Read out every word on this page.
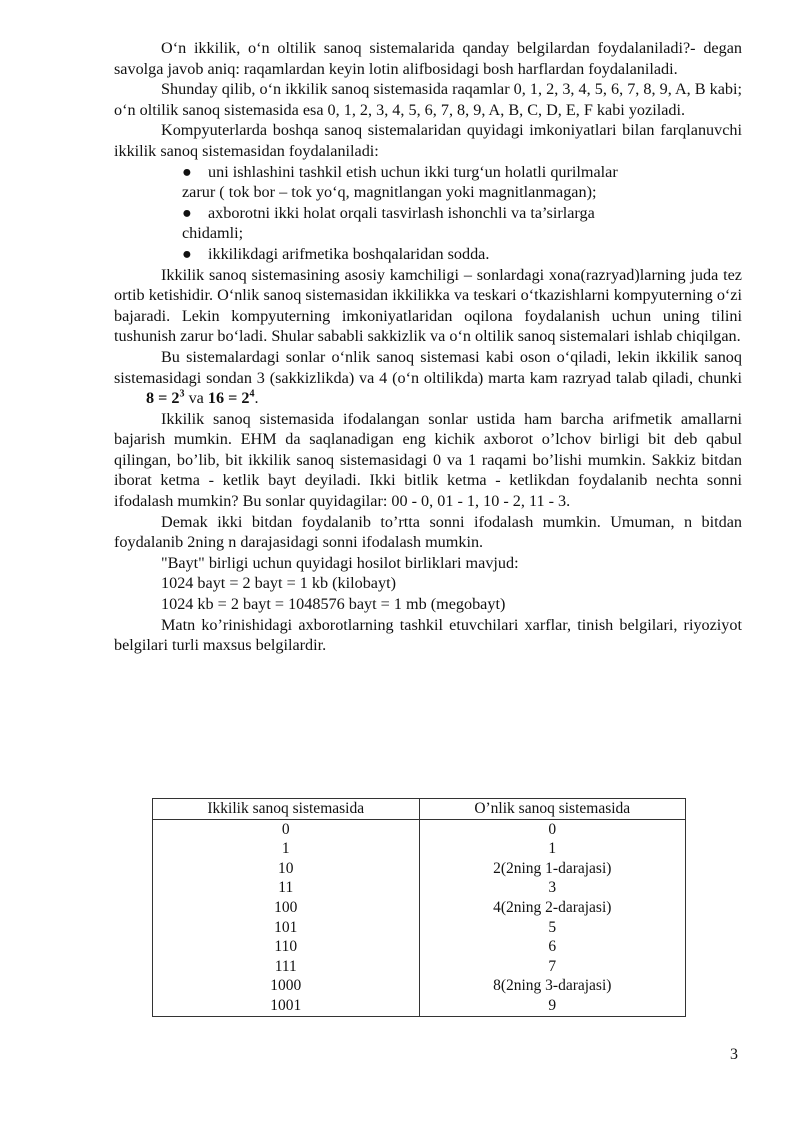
O‘n ikkilik, o‘n oltilik sanoq sistemalarida qanday belgilardan foydalaniladi?- degan savolga javob aniq: raqamlardan keyin lotin alifbosidagi bosh harflardan foydalaniladi.

Shunday qilib, o‘n ikkilik sanoq sistemasida raqamlar 0, 1, 2, 3, 4, 5, 6, 7, 8, 9, A, B kabi; o‘n oltilik sanoq sistemasida esa 0, 1, 2, 3, 4, 5, 6, 7, 8, 9, A, B, C, D, E, F kabi yoziladi.

Kompyuterlarda boshqa sanoq sistemalaridan quyidagi imkoniyatlari bilan farqlanuvchi ikkilik sanoq sistemasidan foydalaniladi:

● uni ishlashini tashkil etish uchun ikki turg‘un holatli qurilmalar

zarur ( tok bor – tok yo‘q, magnitlangan yoki magnitlanmagan);

● axborotni ikki holat orqali tasvirlash ishonchli va ta’sirlarga

chidamli;

● ikkilikdagi arifmetika boshqalaridan sodda.

Ikkilik sanoq sistemasining asosiy kamchiligi – sonlardagi xona(razryad)larning juda tez ortib ketishidir. O‘nlik sanoq sistemasidan ikkilikka va teskari o‘tkazishlarni kompyuterning o‘zi bajaradi. Lekin kompyuterning imkoniyatlaridan oqilona foydalanish uchun uning tilini tushunish zarur bo‘ladi. Shular sababli sakkizlik va o‘n oltilik sanoq sistemalari ishlab chiqilgan.

Bu sistemalardagi sonlar o‘nlik sanoq sistemasi kabi oson o‘qiladi, lekin ikkilik sanoq sistemasidagi sondan 3 (sakkizlikda) va 4 (o‘n oltilikda) marta kam razryad talab qiladi, chunki8 = $2^3$ va $16 = 2^4$.

Ikkilik sanoq sistemasida ifodalangan sonlar ustida ham barcha arifmetik amallarni bajarish mumkin. EHM da saqlanadigan eng kichik axborot o’lchov birligi bit deb qabul qilingan, bo’lib, bit ikkilik sanoq sistemasidagi 0 va 1 raqami bo’lishi mumkin. Sakkiz bitdan iborat ketma - ketlik bayt deyiladi. Ikki bitlik ketma - ketlikdan foydalanib nechta sonni ifodalash mumkin? Bu sonlar quyidagilar: 00 - 0, 01 - 1, 10 - 2, 11 - 3.

Demak ikki bitdan foydalanib to’rtta sonni ifodalash mumkin. Umuman, n bitdan foydalanib 2ning n darajasidagi sonni ifodalash mumkin.

"Bayt" birligi uchun quyidagi hosilot birliklari mavjud:

1024 bayt = 2 bayt = 1 kb (kilobayt)

1024 kb = 2 bayt = 1048576 bayt = 1 mb (megobayt)

Matn ko’rinishidagi axborotlarning tashkil etuvchilari xarflar, tinish belgilari, riyoziyot belgilari turli maxsus belgilardir.

Ikkilik sanoq sistemasida	O’nlik sanoq sistemasida
0	0
1	1
10	2(2ning 1-darajasi)
11	3
100	4(2ning 2-darajasi)
101	5
110	6
111	7
1000	8(2ning 3-darajasi)
1001	9
3
